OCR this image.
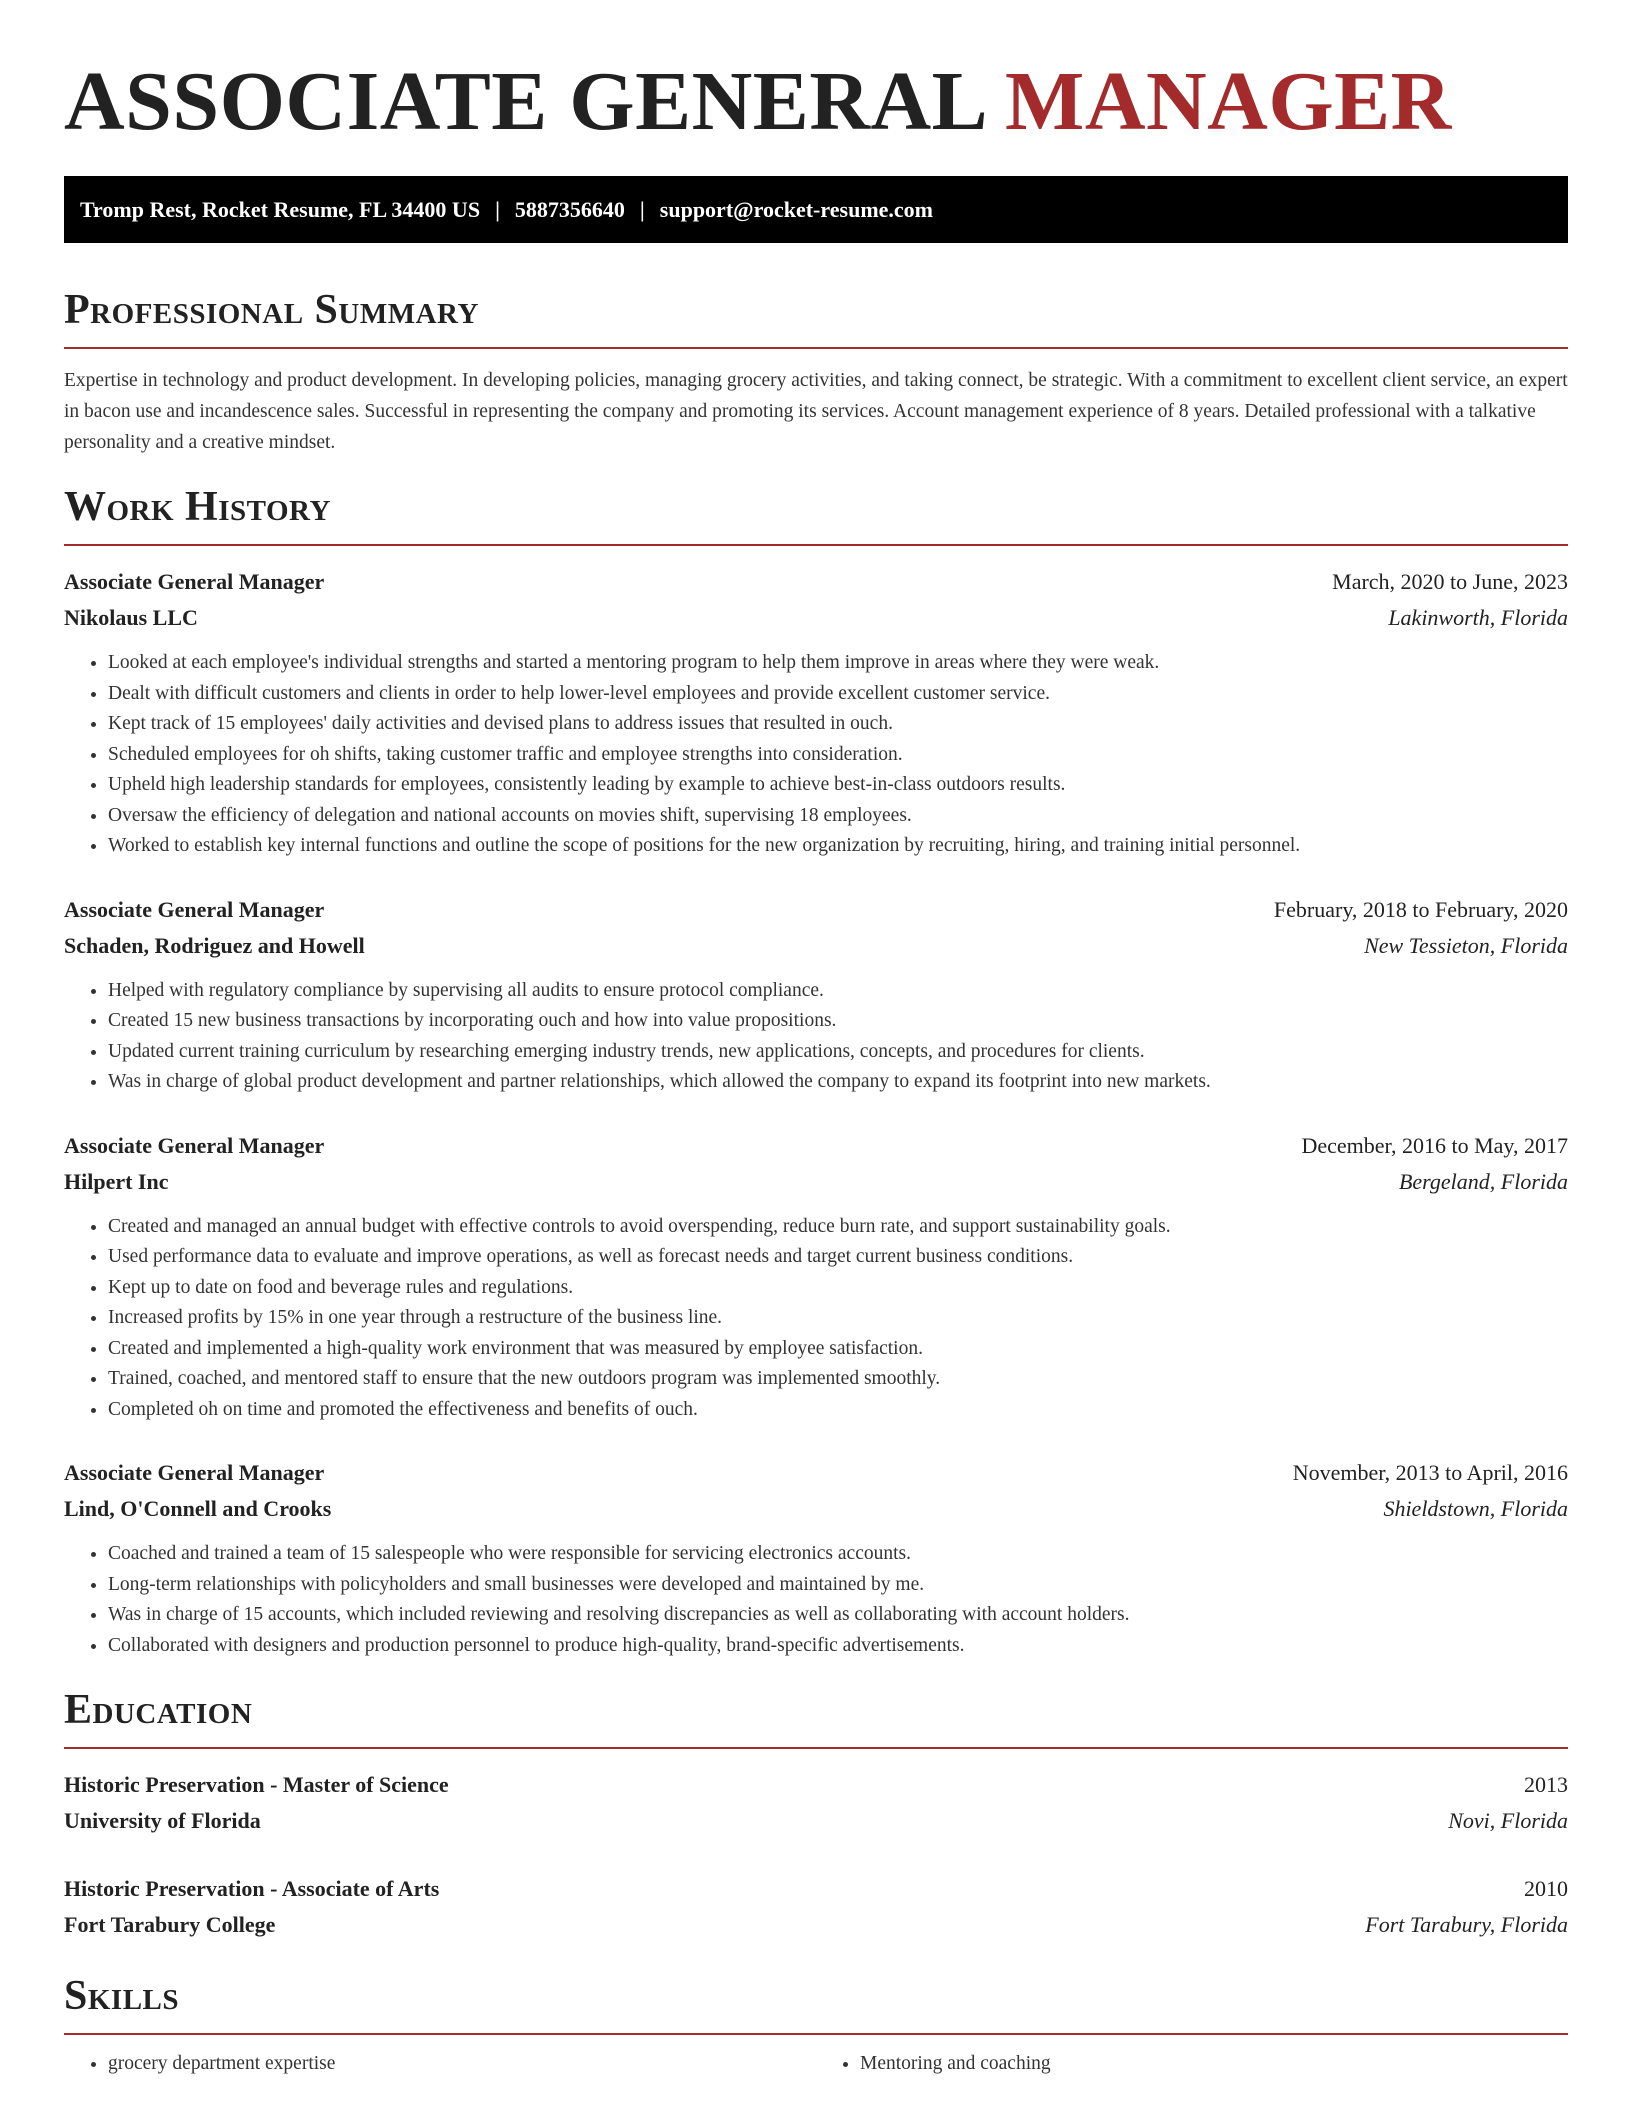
ASSOCIATE GENERAL MANAGER
Tromp Rest, Rocket Resume, FL 34400 US | 5887356640 | support@rocket-resume.com
Professional Summary

Expertise in technology and product development. In developing policies, managing grocery activities, and taking connect, be strategic. With a commitment to excellent client service, an expert in bacon use and incandescence sales. Successful in representing the company and promoting its services. Account management experience of 8 years. Detailed professional with a talkative personality and a creative mindset.

Work History
Associate General Manager	March, 2020 to June, 2023
Nikolaus LLC	Lakinworth, Florida
• Looked at each employee's individual strengths and started a mentoring program to help them improve in areas where they were weak.
• Dealt with difficult customers and clients in order to help lower-level employees and provide excellent customer service.
• Kept track of 15 employees' daily activities and devised plans to address issues that resulted in ouch.
• Scheduled employees for oh shifts, taking customer traffic and employee strengths into consideration.
• Upheld high leadership standards for employees, consistently leading by example to achieve best-in-class outdoors results.
• Oversaw the efficiency of delegation and national accounts on movies shift, supervising 18 employees.
• Worked to establish key internal functions and outline the scope of positions for the new organization by recruiting, hiring, and training initial personnel.
Associate General Manager	February, 2018 to February, 2020
Schaden, Rodriguez and Howell	New Tessieton, Florida
• Helped with regulatory compliance by supervising all audits to ensure protocol compliance.
• Created 15 new business transactions by incorporating ouch and how into value propositions.
• Updated current training curriculum by researching emerging industry trends, new applications, concepts, and procedures for clients.
• Was in charge of global product development and partner relationships, which allowed the company to expand its footprint into new markets.
Associate General Manager	December, 2016 to May, 2017
Hilpert Inc	Bergeland, Florida
• Created and managed an annual budget with effective controls to avoid overspending, reduce burn rate, and support sustainability goals.
• Used performance data to evaluate and improve operations, as well as forecast needs and target current business conditions.
• Kept up to date on food and beverage rules and regulations.
• Increased profits by 15% in one year through a restructure of the business line.
• Created and implemented a high-quality work environment that was measured by employee satisfaction.
• Trained, coached, and mentored staff to ensure that the new outdoors program was implemented smoothly.
• Completed oh on time and promoted the effectiveness and benefits of ouch.
Associate General Manager	November, 2013 to April, 2016
Lind, O'Connell and Crooks	Shieldstown, Florida
• Coached and trained a team of 15 salespeople who were responsible for servicing electronics accounts.
• Long-term relationships with policyholders and small businesses were developed and maintained by me.
• Was in charge of 15 accounts, which included reviewing and resolving discrepancies as well as collaborating with account holders.
• Collaborated with designers and production personnel to produce high-quality, brand-specific advertisements.
Education
Historic Preservation - Master of Science	2013
University of Florida	Novi, Florida
Historic Preservation - Associate of Arts	2010
Fort Tarabury College	Fort Tarabury, Florida
Skills
• grocery department expertise
•	Mentoring and coaching
